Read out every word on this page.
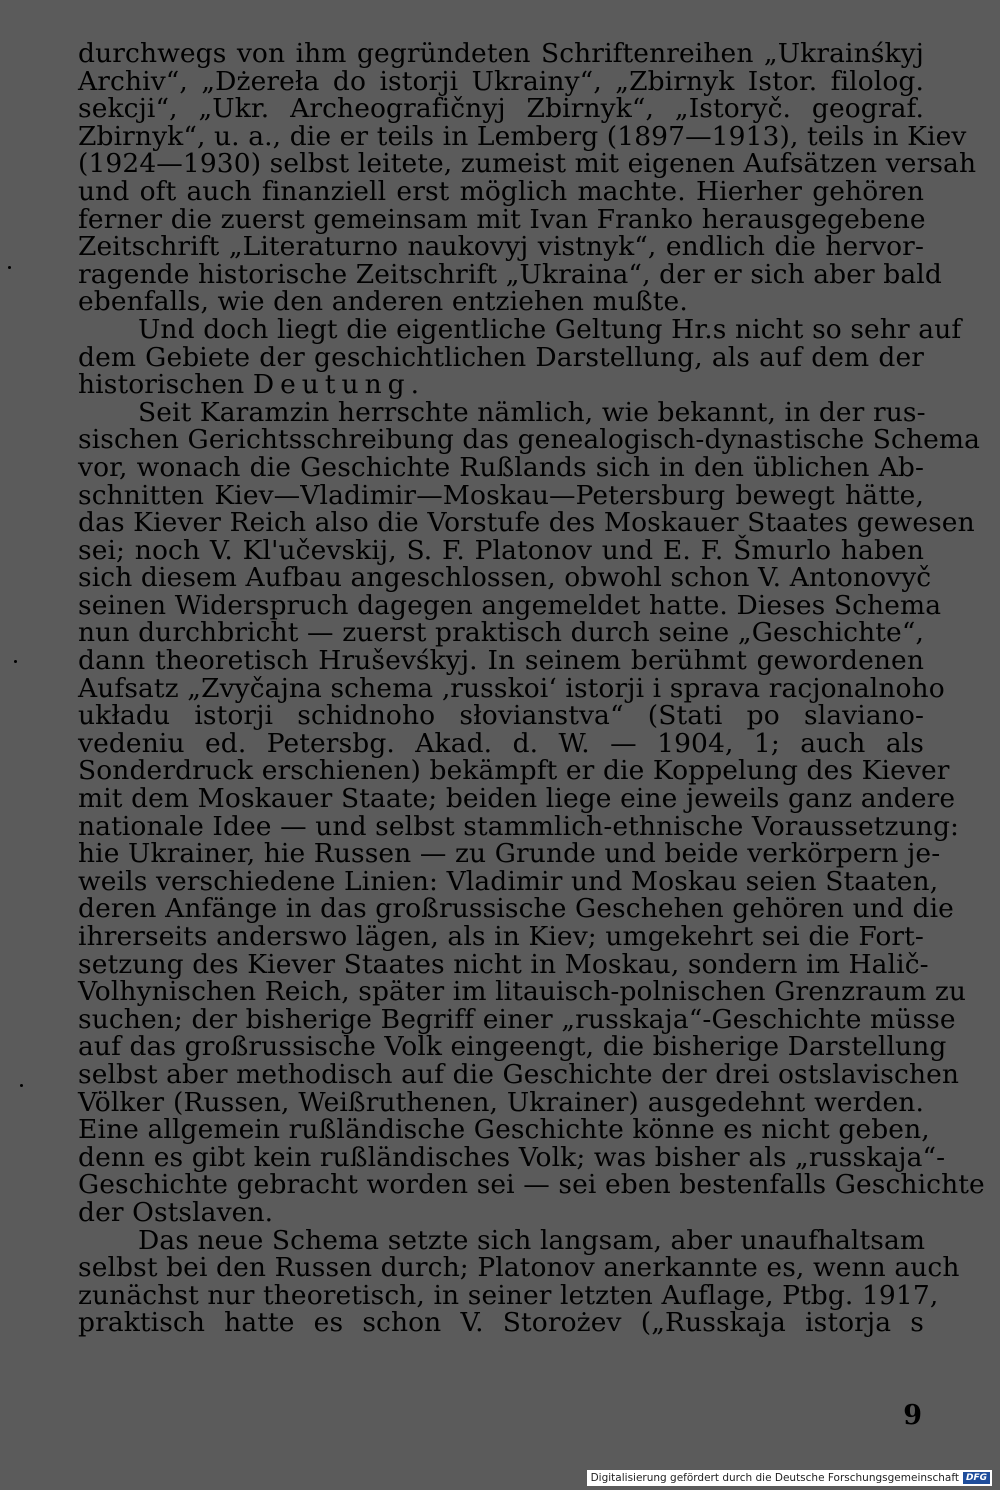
durchwegs von ihm gegründeten Schriftenreihen „Ukrainśkyj
Archiv“, „Dżereła do istorji Ukrainy“, „Zbirnyk Istor. filolog.
sekcji“, „Ukr. Archeografičnyj Zbirnyk“, „Istoryč. geograf.
Zbirnyk“, u. a., die er teils in Lemberg (1897—1913), teils in Kiev
(1924—1930) selbst leitete, zumeist mit eigenen Aufsätzen versah
und oft auch finanziell erst möglich machte. Hierher gehören
ferner die zuerst gemeinsam mit Ivan Franko herausgegebene
Zeitschrift „Literaturno naukovyj vistnyk“, endlich die hervor-
ragende historische Zeitschrift „Ukraina“, der er sich aber bald
ebenfalls, wie den anderen entziehen mußte.
Und doch liegt die eigentliche Geltung Hr.s nicht so sehr auf
dem Gebiete der geschichtlichen Darstellung, als auf dem der
historischen Deutung.
Seit Karamzin herrschte nämlich, wie bekannt, in der rus-
sischen Gerichtsschreibung das genealogisch-dynastische Schema
vor, wonach die Geschichte Rußlands sich in den üblichen Ab-
schnitten Kiev—Vladimir—Moskau—Petersburg bewegt hätte,
das Kiever Reich also die Vorstufe des Moskauer Staates gewesen
sei; noch V. Kl'učevskij, S. F. Platonov und E. F. Šmurlo haben
sich diesem Aufbau angeschlossen, obwohl schon V. Antonovyč
seinen Widerspruch dagegen angemeldet hatte. Dieses Schema
nun durchbricht — zuerst praktisch durch seine „Geschichte“,
dann theoretisch Hruševśkyj. In seinem berühmt gewordenen
Aufsatz „Zvyčajna schema ‚russkoi‘ istorji i sprava racjonalnoho
układu istorji schidnoho słovianstva“ (Stati po slaviano-
vedeniu ed. Petersbg. Akad. d. W. — 1904, 1; auch als
Sonderdruck erschienen) bekämpft er die Koppelung des Kiever
mit dem Moskauer Staate; beiden liege eine jeweils ganz andere
nationale Idee — und selbst stammlich-ethnische Voraussetzung:
hie Ukrainer, hie Russen — zu Grunde und beide verkörpern je-
weils verschiedene Linien: Vladimir und Moskau seien Staaten,
deren Anfänge in das großrussische Geschehen gehören und die
ihrerseits anderswo lägen, als in Kiev; umgekehrt sei die Fort-
setzung des Kiever Staates nicht in Moskau, sondern im Halič-
Volhynischen Reich, später im litauisch-polnischen Grenzraum zu
suchen; der bisherige Begriff einer „russkaja“-Geschichte müsse
auf das großrussische Volk eingeengt, die bisherige Darstellung
selbst aber methodisch auf die Geschichte der drei ostslavischen
Völker (Russen, Weißruthenen, Ukrainer) ausgedehnt werden.
Eine allgemein rußländische Geschichte könne es nicht geben,
denn es gibt kein rußländisches Volk; was bisher als „russkaja“-
Geschichte gebracht worden sei — sei eben bestenfalls Geschichte
der Ostslaven.
Das neue Schema setzte sich langsam, aber unaufhaltsam
selbst bei den Russen durch; Platonov anerkannte es, wenn auch
zunächst nur theoretisch, in seiner letzten Auflage, Ptbg. 1917,
praktisch hatte es schon V. Storożev („Russkaja istorja s
9
Digitalisierung gefördert durch die Deutsche Forschungsgemeinschaft DFG
